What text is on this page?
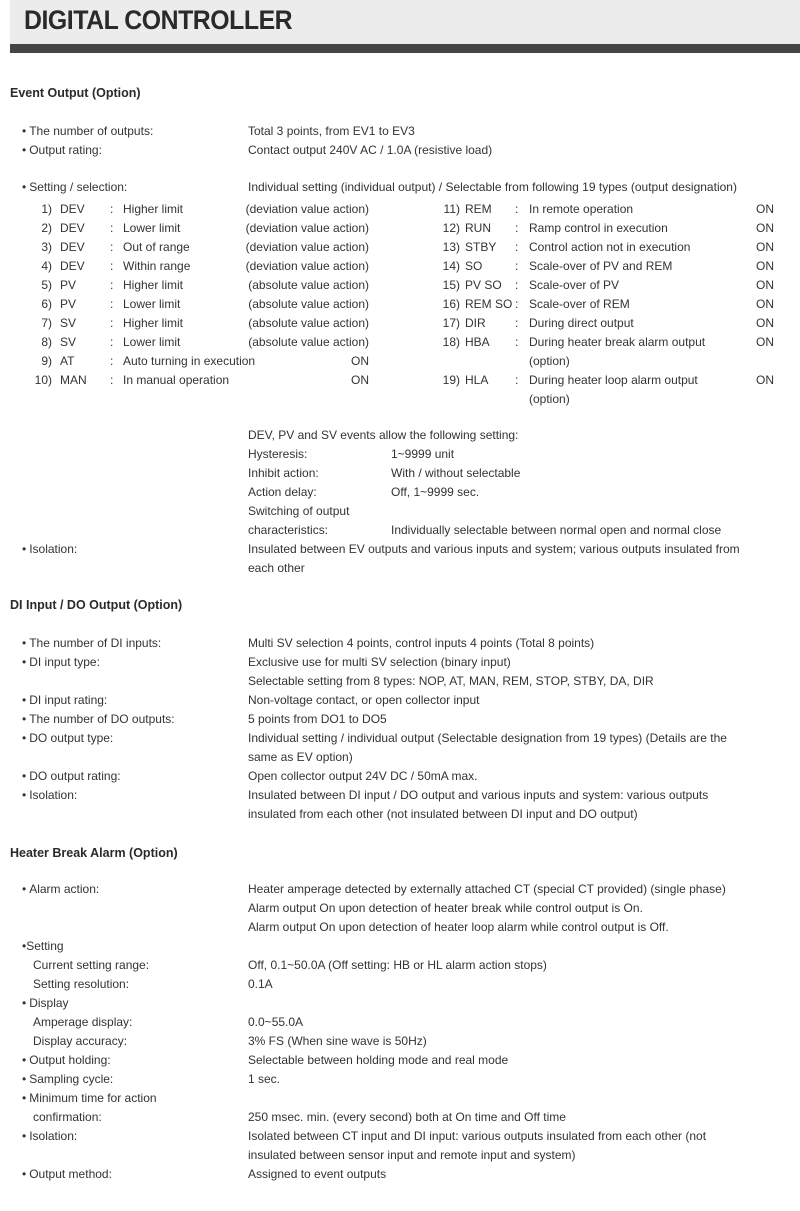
DIGITAL CONTROLLER
Event Output (Option)
• The number of outputs:	Total 3 points, from EV1 to EV3
• Output rating:	Contact output 240V AC / 1.0A (resistive load)
• Setting / selection:	Individual setting (individual output) / Selectable from following 19 types (output designation)
1) DEV : Higher limit	(deviation value action)
2) DEV : Lower limit	(deviation value action)
3) DEV : Out of range	(deviation value action)
4) DEV : Within range	(deviation value action)
5) PV	: Higher limit	(absolute value action)
6) PV	: Lower limit	(absolute value action)
7) SV	: Higher limit	(absolute value action)
8) SV	: Lower limit	(absolute value action)
9) AT	: Auto turning in execution	ON
10) MAN : In manual operation	ON
11) REM : In remote operation	ON
12) RUN : Ramp control in execution	ON
13) STBY : Control action not in execution	ON
14) SO	: Scale-over of PV and REM	ON
15) PV SO : Scale-over of PV	ON
16) REM SO : Scale-over of REM	ON
17) DIR : During direct output	ON
18) HBA : During heater break alarm output	ON
(option)
19) HLA : During heater loop alarm output	ON
(option)
DEV, PV and SV events allow the following setting:
Hysteresis:	1~9999 unit
Inhibit action:	With / without selectable
Action delay:	Off, 1~9999 sec.
Switching of output
characteristics:	Individually selectable between normal open and normal close
• Isolation:	Insulated between EV outputs and various inputs and system; various outputs insulated from
each other
DI Input / DO Output (Option)
• The number of DI inputs:	Multi SV selection 4 points, control inputs 4 points (Total 8 points)
• DI input type:	Exclusive use for multi SV selection (binary input)
Selectable setting from 8 types: NOP, AT, MAN, REM, STOP, STBY, DA, DIR
• DI input rating:	Non-voltage contact, or open collector input
• The number of DO outputs:	5 points from DO1 to DO5
• DO output type:	Individual setting / individual output (Selectable designation from 19 types) (Details are the
same as EV option)
• DO output rating:	Open collector output 24V DC / 50mA max.
• Isolation:	Insulated between DI input / DO output and various inputs and system: various outputs
insulated from each other (not insulated between DI input and DO output)
Heater Break Alarm (Option)
• Alarm action:	Heater amperage detected by externally attached CT (special CT provided) (single phase)
Alarm output On upon detection of heater break while control output is On.
Alarm output On upon detection of heater loop alarm while control output is Off.
•Setting
Current setting range:	Off, 0.1~50.0A (Off setting: HB or HL alarm action stops)
Setting resolution:	0.1A
• Display
Amperage display:	0.0~55.0A
Display accuracy:	3% FS (When sine wave is 50Hz)
• Output holding:	Selectable between holding mode and real mode
• Sampling cycle:	1 sec.
• Minimum time for action
confirmation:	250 msec. min. (every second) both at On time and Off time
• Isolation:	Isolated between CT input and DI input: various outputs insulated from each other (not
insulated between sensor input and remote input and system)
• Output method:	Assigned to event outputs
